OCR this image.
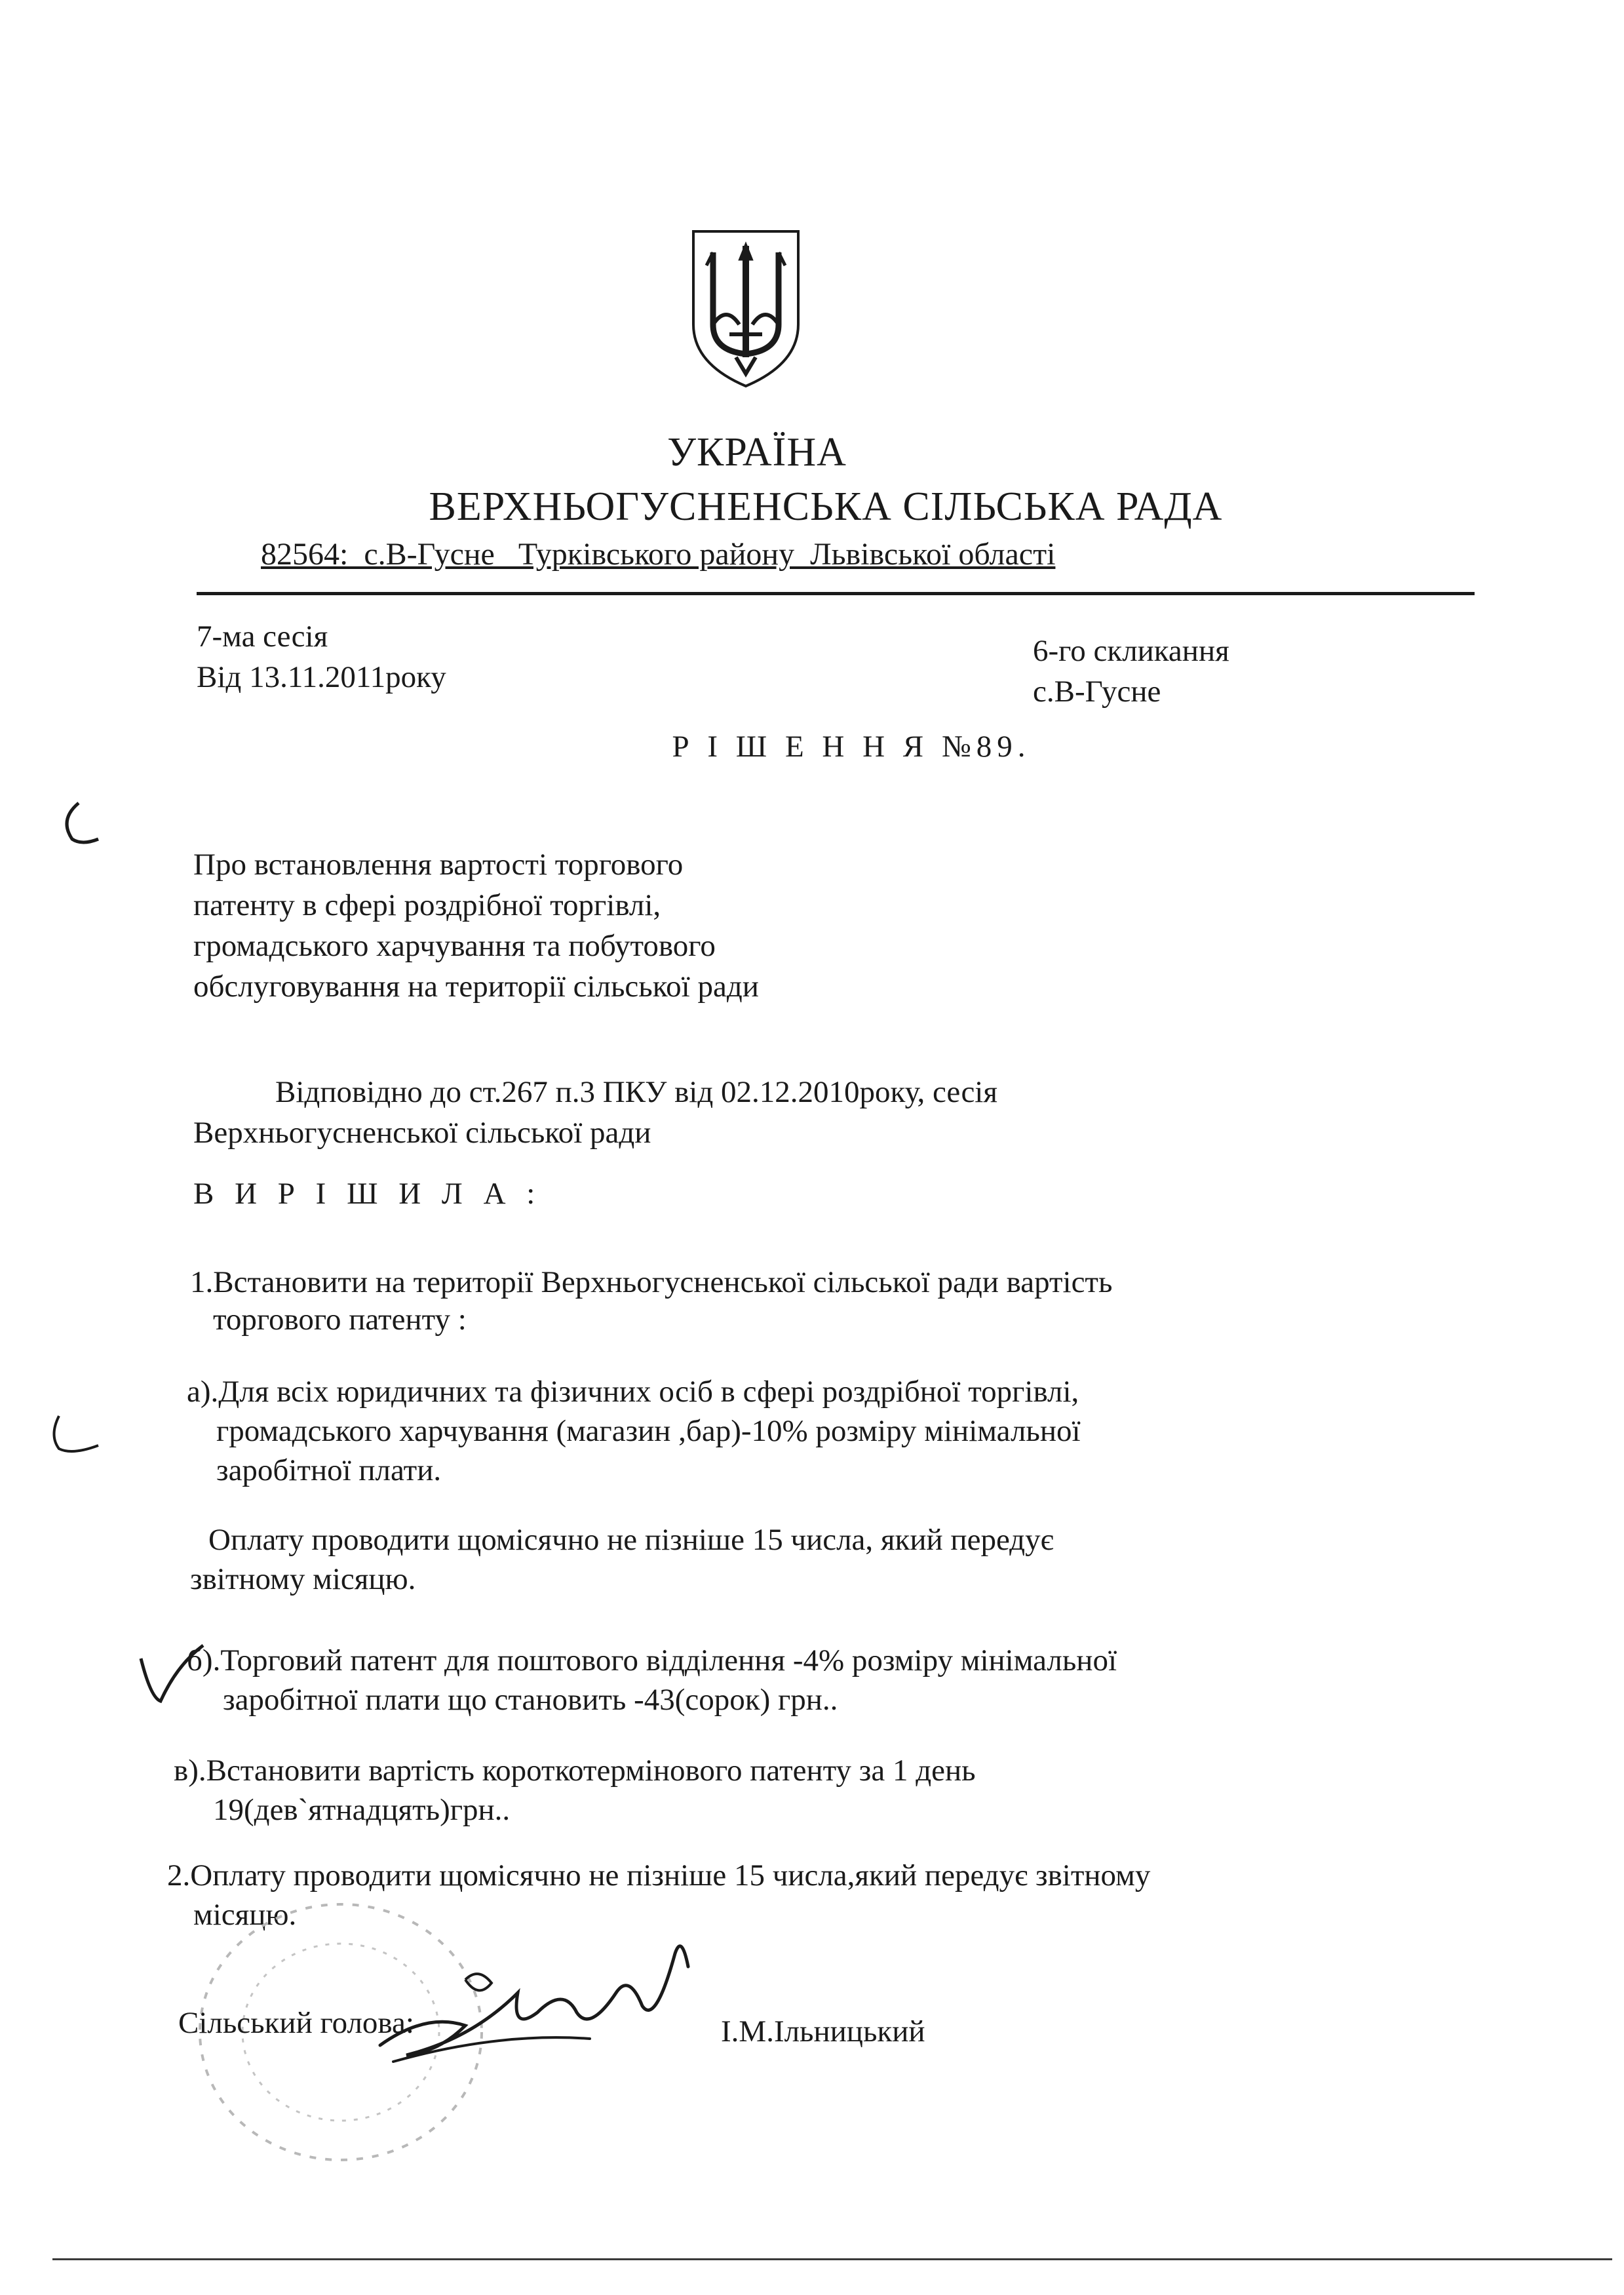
УКРАЇНА
ВЕРХНЬОГУСНЕНСЬКА СІЛЬСЬКА РАДА
82564:  с.В-Гусне   Турківського району  Львівської області
7-ма сесія
Від 13.11.2011року
6-го скликання
с.В-Гусне
Р І Ш Е Н Н Я №89.
Про встановлення вартості торгового
патенту в сфері роздрібної торгівлі,
громадського харчування та побутового
обслуговування на території сільської ради
Відповідно до ст.267 п.3 ПКУ від 02.12.2010року, сесія
Верхньогусненської сільської ради
В И Р І Ш И Л А :
1.Встановити на території Верхньогусненської сільської ради вартість
торгового патенту :
а).Для всіх юридичних та фізичних осіб в сфері роздрібної торгівлі,
громадського харчування (магазин ,бар)-10% розміру мінімальної
заробітної плати.
Оплату проводити щомісячно не пізніше 15 числа, який передує
звітному місяцю.
б).Торговий патент для поштового відділення -4% розміру мінімальної
заробітної плати що становить -43(сорок) грн..
в).Встановити вартість короткотермінового патенту за 1 день
19(дев`ятнадцять)грн..
2.Оплату проводити щомісячно не пізніше 15 числа,який передує звітному
місяцю.
Сільський голова:	І.М.Ільницький
